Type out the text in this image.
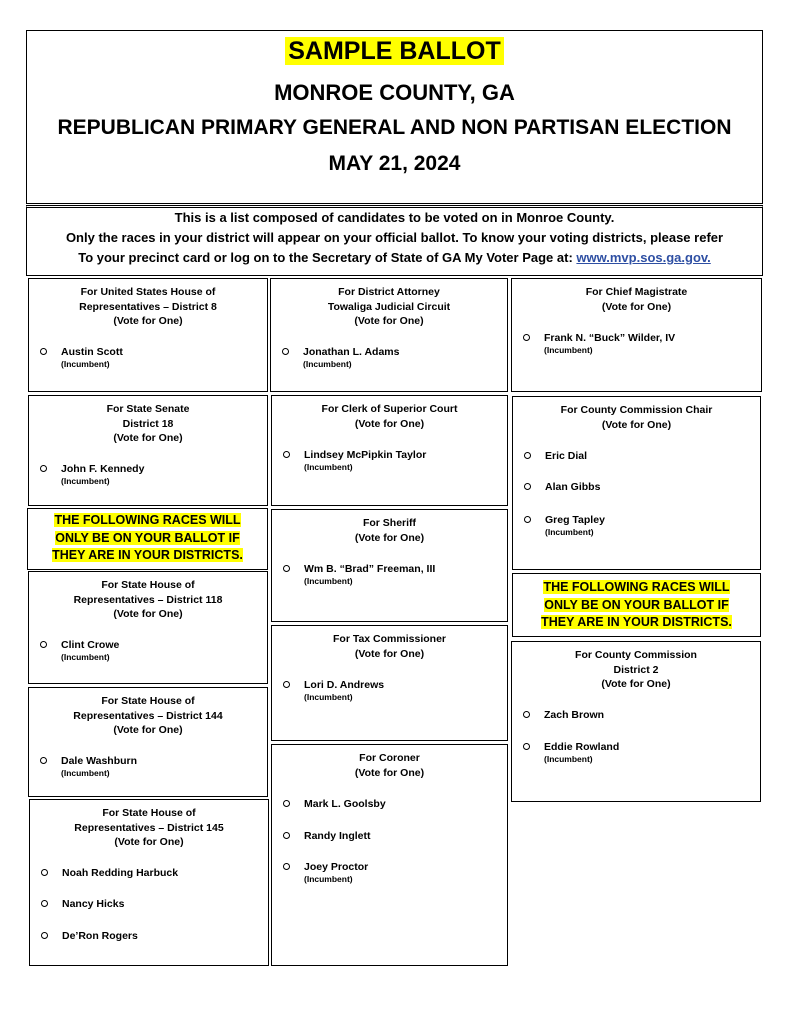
SAMPLE BALLOT
MONROE COUNTY, GA
REPUBLICAN PRIMARY GENERAL AND NON PARTISAN ELECTION
MAY 21, 2024
This is a list composed of candidates to be voted on in Monroe County.
Only the races in your district will appear on your official ballot. To know your voting districts, please refer
To your precinct card or log on to the Secretary of State of GA My Voter Page at: www.mvp.sos.ga.gov.
For United States House of
Representatives – District 8
(Vote for One)
Austin Scott
(Incumbent)
For District Attorney
Towaliga Judicial Circuit
(Vote for One)
Jonathan L. Adams
(Incumbent)
For Chief Magistrate
(Vote for One)
Frank N. “Buck” Wilder, IV
(Incumbent)
For State Senate
District 18
(Vote for One)
John F. Kennedy
(Incumbent)
For Clerk of Superior Court
(Vote for One)
Lindsey McPipkin Taylor
(Incumbent)
For County Commission Chair
(Vote for One)
Eric Dial
Alan Gibbs
Greg Tapley
(Incumbent)
THE FOLLOWING RACES WILL
ONLY BE ON YOUR BALLOT IF
THEY ARE IN YOUR DISTRICTS.
For Sheriff
(Vote for One)
Wm B. “Brad” Freeman, III
(Incumbent)	THE FOLLOWING RACES WILL
ONLY BE ON YOUR BALLOT IF
THEY ARE IN YOUR DISTRICTS.
For State House of
Representatives – District 118
(Vote for One)
Clint Crowe
(Incumbent)
For Tax Commissioner
(Vote for One)
Lori D. Andrews
(Incumbent)
For County Commission
District 2
(Vote for One)
Zach Brown
Eddie Rowland
(Incumbent)
For State House of
Representatives – District 144
(Vote for One)
Dale Washburn
(Incumbent)
For Coroner
(Vote for One)
Mark L. Goolsby
Randy Inglett
Joey Proctor
(Incumbent)
For State House of
Representatives – District 145
(Vote for One)
Noah Redding Harbuck
Nancy Hicks
De’Ron Rogers
